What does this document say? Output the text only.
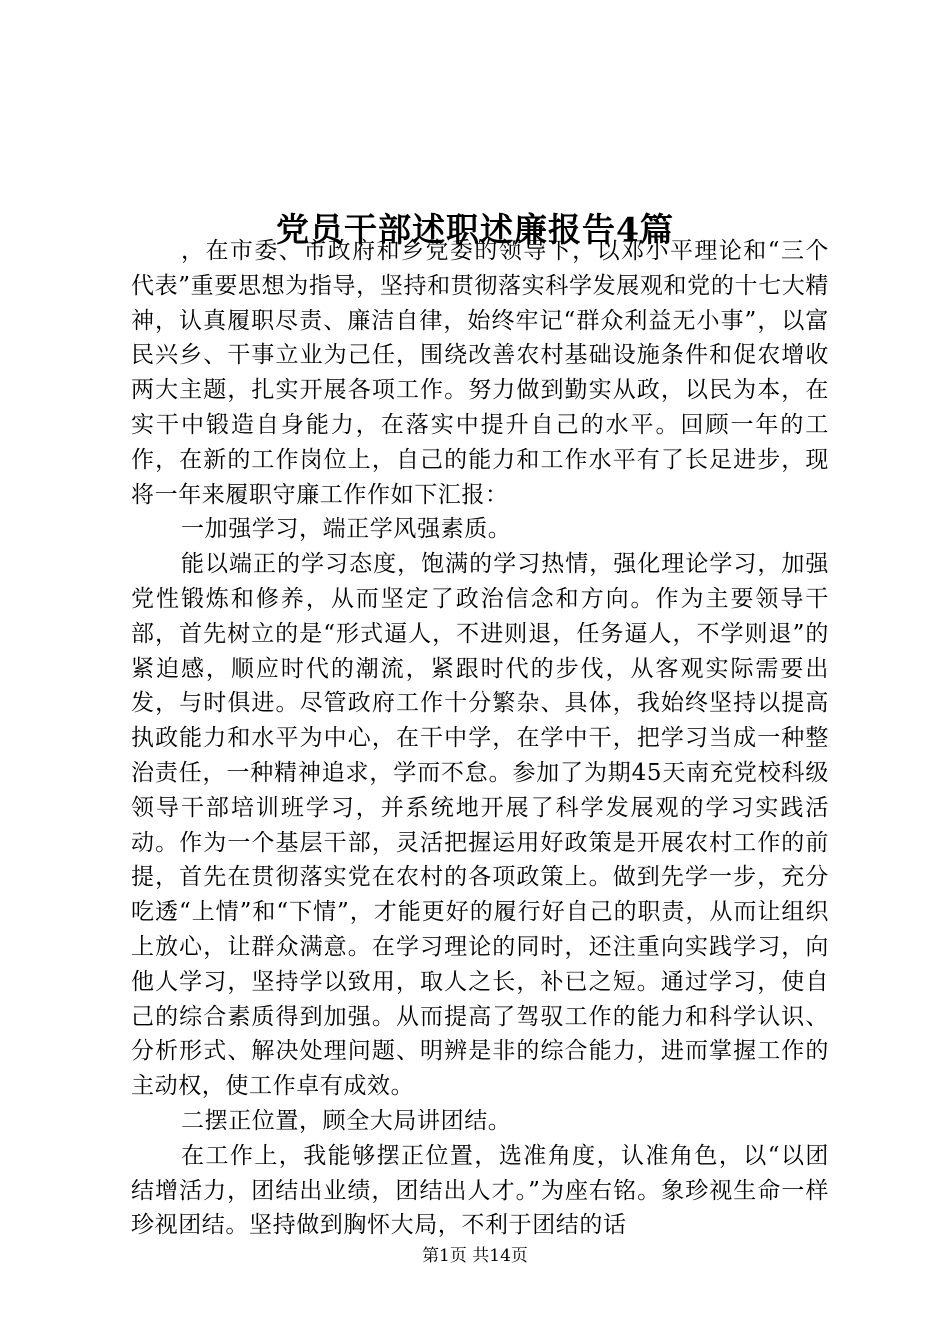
党员干部述职述廉报告4篇

，在市委、市政府和乡党委的领导下，以邓小平理论和“三个代表”重要思想为指导，坚持和贯彻落实科学发展观和党的十七大精神，认真履职尽责、廉洁自律，始终牢记“群众利益无小事”，以富民兴乡、干事立业为己任，围绕改善农村基础设施条件和促农增收两大主题，扎实开展各项工作。努力做到勤实从政，以民为本，在实干中锻造自身能力，在落实中提升自己的水平。回顾一年的工作，在新的工作岗位上，自己的能力和工作水平有了长足进步，现将一年来履职守廉工作作如下汇报：

一加强学习，端正学风强素质。

能以端正的学习态度，饱满的学习热情，强化理论学习，加强党性锻炼和修养，从而坚定了政治信念和方向。作为主要领导干部，首先树立的是“形式逼人，不进则退，任务逼人，不学则退”的紧迫感，顺应时代的潮流，紧跟时代的步伐，从客观实际需要出发，与时俱进。尽管政府工作十分繁杂、具体，我始终坚持以提高执政能力和水平为中心，在干中学，在学中干，把学习当成一种整治责任，一种精神追求，学而不怠。参加了为期45天南充党校科级领导干部培训班学习，并系统地开展了科学发展观的学习实践活动。作为一个基层干部，灵活把握运用好政策是开展农村工作的前提，首先在贯彻落实党在农村的各项政策上。做到先学一步，充分吃透“上情”和“下情”，才能更好的履行好自己的职责，从而让组织上放心，让群众满意。在学习理论的同时，还注重向实践学习，向他人学习，坚持学以致用，取人之长，补已之短。通过学习，使自己的综合素质得到加强。从而提高了驾驭工作的能力和科学认识、分析形式、解决处理问题、明辨是非的综合能力，进而掌握工作的主动权，使工作卓有成效。

二摆正位置，顾全大局讲团结。

在工作上，我能够摆正位置，选准角度，认准角色，以“以团结增活力，团结出业绩，团结出人才。”为座右铭。象珍视生命一样珍视团结。坚持做到胸怀大局，不利于团结的话

第1页 共14页
